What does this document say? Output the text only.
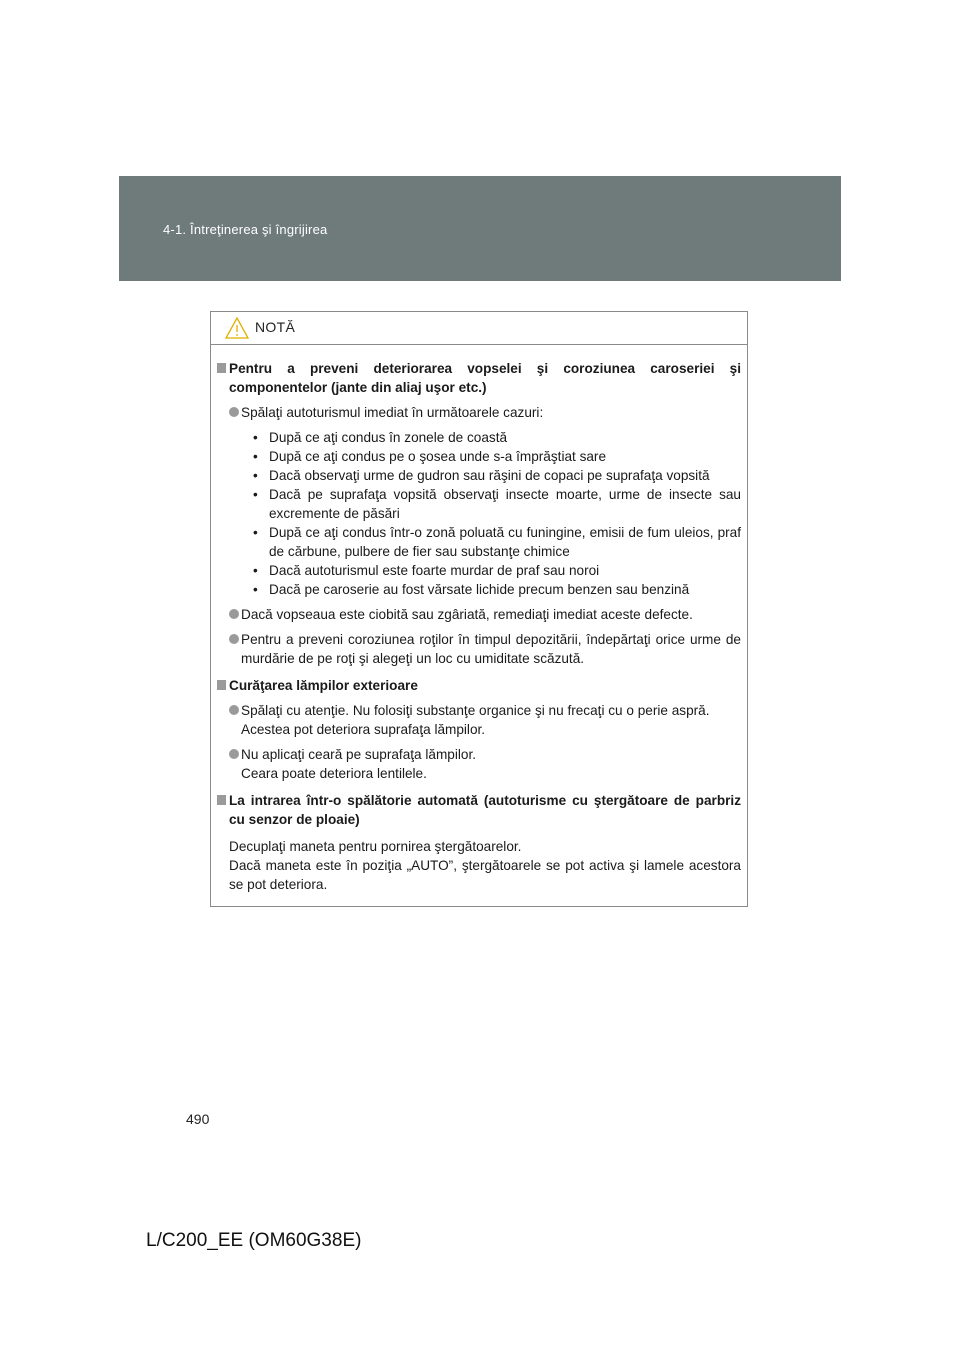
4-1. Întreţinerea şi îngrijirea
NOTĂ
Pentru a preveni deteriorarea vopselei şi coroziunea caroseriei şi componentelor (jante din aliaj uşor etc.)
Spălaţi autoturismul imediat în următoarele cazuri:
• După ce aţi condus în zonele de coastă
• După ce aţi condus pe o şosea unde s-a împrăştiat sare
• Dacă observaţi urme de gudron sau răşini de copaci pe suprafaţa vopsită
• Dacă pe suprafaţa vopsită observaţi insecte moarte, urme de insecte sau excremente de păsări
• După ce aţi condus într-o zonă poluată cu funingine, emisii de fum uleios, praf de cărbune, pulbere de fier sau substanţe chimice
• Dacă autoturismul este foarte murdar de praf sau noroi
• Dacă pe caroserie au fost vărsate lichide precum benzen sau benzină
Dacă vopseaua este ciobită sau zgâriată, remediaţi imediat aceste defecte.
Pentru a preveni coroziunea roţilor în timpul depozitării, îndepărtaţi orice urme de murdărie de pe roţi şi alegeţi un loc cu umiditate scăzută.
Curăţarea lămpilor exterioare
Spălaţi cu atenţie. Nu folosiţi substanţe organice şi nu frecaţi cu o perie aspră.
Acestea pot deteriora suprafaţa lămpilor.
Nu aplicaţi ceară pe suprafaţa lămpilor.
Ceara poate deteriora lentilele.
La intrarea într-o spălătorie automată (autoturisme cu ştergătoare de parbriz cu senzor de ploaie)
Decuplaţi maneta pentru pornirea ştergătoarelor.
Dacă maneta este în poziţia „AUTO”, ştergătoarele se pot activa şi lamele acestora se pot deteriora.
490
L/C200_EE (OM60G38E)
